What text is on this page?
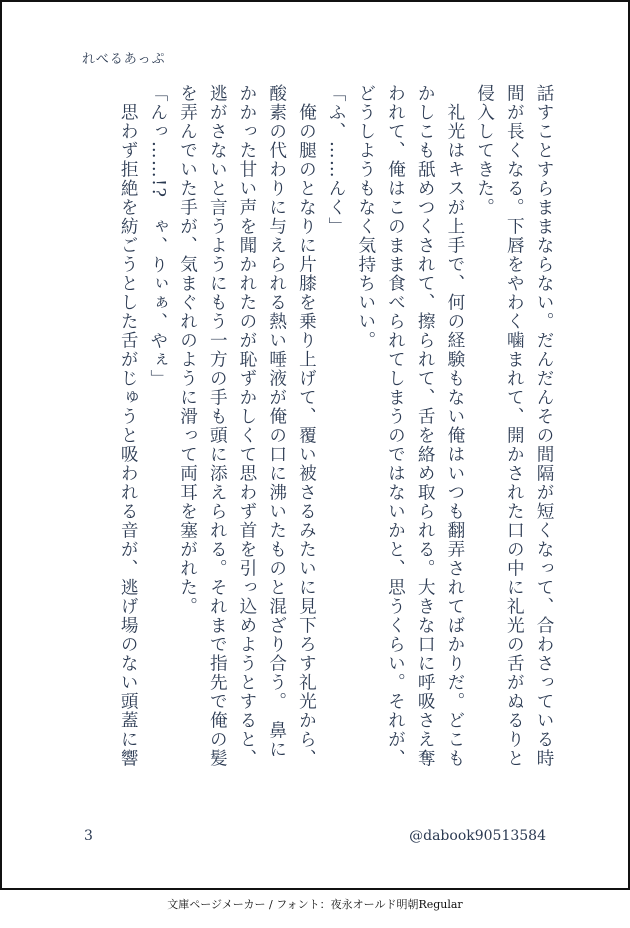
れべるあっぷ

話すことすらままならない。だんだんその間隔が短くなって、合わさっている時

間が長くなる。下唇をやわく噛まれて、開かされた口の中に礼光の舌がぬるりと

侵入してきた。

　礼光はキスが上手で、何の経験もない俺はいつも翻弄されてばかりだ。どこも

かしこも舐めつくされて、擦られて、舌を絡め取られる。大きな口に呼吸さえ奪

われて、俺はこのまま食べられてしまうのではないかと、思うくらい。それが、

どうしようもなく気持ちいい。

「ふ、……んく」

　俺の腿のとなりに片膝を乗り上げて、覆い被さるみたいに見下ろす礼光から、

酸素の代わりに与えられる熱い唾液が俺の口に沸いたものと混ざり合う。　鼻に

かかった甘い声を聞かれたのが恥ずかしくて思わず首を引っ込めようとすると、

逃がさないと言うようにもう一方の手も頭に添えられる。それまで指先で俺の髪

を弄んでいた手が、気まぐれのように滑って両耳を塞がれた。

「んっ……!?　ゃ、りぃぁ、やぇ」

　思わず拒絶を紡ごうとした舌がじゅうと吸われる音が、逃げ場のない頭蓋に響

3	@dabook90513584
文庫ページメーカー / フォント：夜永オールド明朝Regular
